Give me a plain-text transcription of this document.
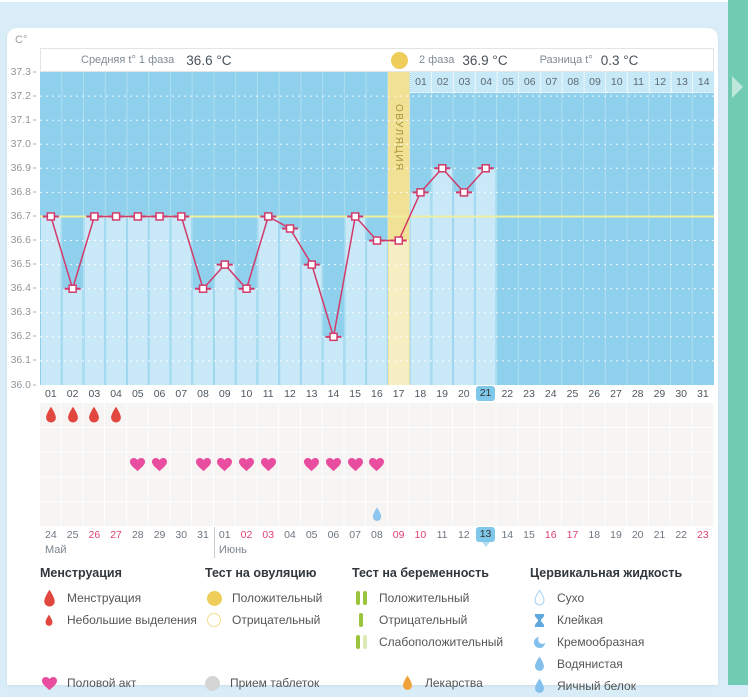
C°
37.3
37.2
37.1
37.0
36.9
36.8
36.7
36.6
36.5
36.4
36.3
36.2
36.1
36.0
Средняя t° 1 фаза 36.6 °C	2 фаза 36.9 °C	Разница t° 0.3 °C
01 02 03 04 05 06 07 08 09 10 11 12 13 14
ОВУЛЯЦИЯ
01 02 03 04 05 06 07 08 09 10 11 12 13 14 15 16 17 18 19 20 21 22 23 24 25 26 27 28 29 30 31
24 25 26 27 28 29 30 31 01 02 03 04 05 06 07 08 09 10 11 12 13 14 15 16 17 18 19 20 21 22 23
Май	Июнь
Менструация
Менструация
Небольшие выделения
Тест на овуляцию
Положительный
Отрицательный
Тест на беременность
Положительный
Отрицательный
Слабоположительный
Цервикальная жидкость
Сухо
Клейкая
Кремообразная
Водянистая
Яичный белок
Половой акт	Прием таблеток	Лекарства
